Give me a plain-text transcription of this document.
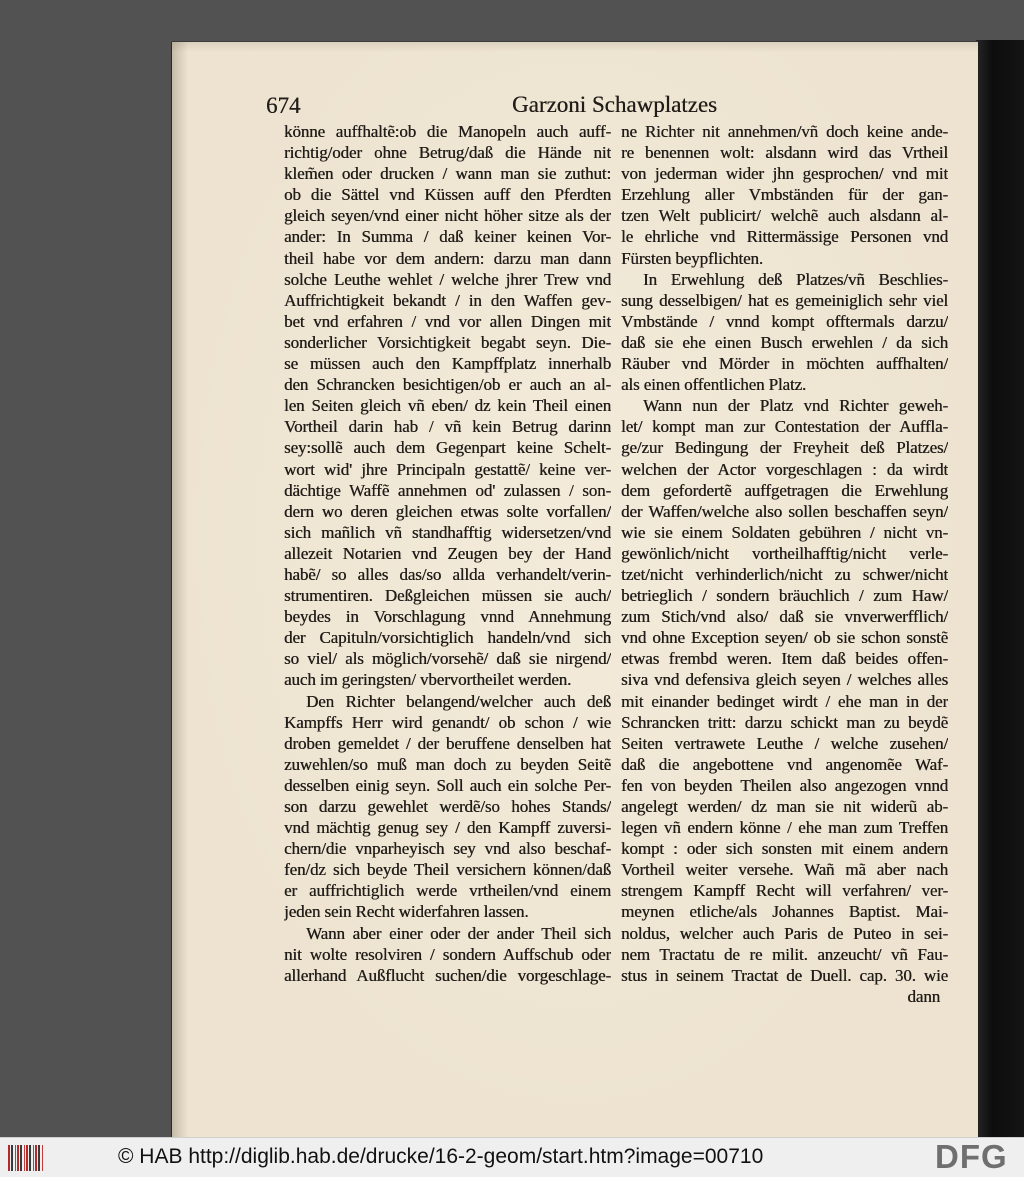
674	Garzoni Schawplatzes
könne auffhaltẽ:ob die Manopeln auch auff-
richtig/oder ohne Betrug/daß die Hände nit
klem̃en oder drucken / wann man sie zuthut:
ob die Sättel vnd Küssen auff den Pferdten
gleich seyen/vnd einer nicht höher sitze als der
ander: In Summa / daß keiner keinen Vor-
theil habe vor dem andern: darzu man dann
solche Leuthe wehlet / welche jhrer Trew vnd
Auffrichtigkeit bekandt / in den Waffen gev-
bet vnd erfahren / vnd vor allen Dingen mit
sonderlicher Vorsichtigkeit begabt seyn. Die-
se müssen auch den Kampffplatz innerhalb
den Schrancken besichtigen/ob er auch an al-
len Seiten gleich vñ eben/ dz kein Theil einen
Vortheil darin hab / vñ kein Betrug darinn
sey:sollẽ auch dem Gegenpart keine Schelt-
wort wid' jhre Principaln gestattẽ/ keine ver-
dächtige Waffẽ annehmen od' zulassen / son-
dern wo deren gleichen etwas solte vorfallen/
sich mañlich vñ standhafftig widersetzen/vnd
allezeit Notarien vnd Zeugen bey der Hand
habẽ/ so alles das/so allda verhandelt/verin-
strumentiren. Deßgleichen müssen sie auch/
beydes in Vorschlagung vnnd Annehmung
der Capituln/vorsichtiglich handeln/vnd sich
so viel/ als möglich/vorsehẽ/ daß sie nirgend/
auch im geringsten/ vbervortheilet werden.
Den Richter belangend/welcher auch deß
Kampffs Herr wird genandt/ ob schon / wie
droben gemeldet / der beruffene denselben hat
zuwehlen/so muß man doch zu beyden Seitẽ
desselben einig seyn. Soll auch ein solche Per-
son darzu gewehlet werdẽ/so hohes Stands/
vnd mächtig genug sey / den Kampff zuversi-
chern/die vnparheyisch sey vnd also beschaf-
fen/dz sich beyde Theil versichern können/daß
er auffrichtiglich werde vrtheilen/vnd einem
jeden sein Recht widerfahren lassen.
Wann aber einer oder der ander Theil sich
nit wolte resolviren / sondern Auffschub oder
allerhand Außflucht suchen/die vorgeschlage-
ne Richter nit annehmen/vñ doch keine ande-
re benennen wolt: alsdann wird das Vrtheil
von jederman wider jhn gesprochen/ vnd mit
Erzehlung aller Vmbständen für der gan-
tzen Welt publicirt/ welchẽ auch alsdann al-
le ehrliche vnd Rittermässige Personen vnd
Fürsten beypflichten.
In Erwehlung deß Platzes/vñ Beschlies-
sung desselbigen/ hat es gemeiniglich sehr viel
Vmbstände / vnnd kompt offtermals darzu/
daß sie ehe einen Busch erwehlen / da sich
Räuber vnd Mörder in möchten auffhalten/
als einen offentlichen Platz.
Wann nun der Platz vnd Richter geweh-
let/ kompt man zur Contestation der Auffla-
ge/zur Bedingung der Freyheit deß Platzes/
welchen der Actor vorgeschlagen : da wirdt
dem gefordertẽ auffgetragen die Erwehlung
der Waffen/welche also sollen beschaffen seyn/
wie sie einem Soldaten gebühren / nicht vn-
gewönlich/nicht vortheilhafftig/nicht verle-
tzet/nicht verhinderlich/nicht zu schwer/nicht
betrieglich / sondern bräuchlich / zum Haw/
zum Stich/vnd also/ daß sie vnverwerfflich/
vnd ohne Exception seyen/ ob sie schon sonstẽ
etwas frembd weren. Item daß beides offen-
siva vnd defensiva gleich seyen / welches alles
mit einander bedinget wirdt / ehe man in der
Schrancken tritt: darzu schickt man zu beydẽ
Seiten vertrawete Leuthe / welche zusehen/
daß die angebottene vnd angenomẽe Waf-
fen von beyden Theilen also angezogen vnnd
angelegt werden/ dz man sie nit widerũ ab-
legen vñ endern könne / ehe man zum Treffen
kompt : oder sich sonsten mit einem andern
Vortheil weiter versehe. Wañ mã aber nach
strengem Kampff Recht will verfahren/ ver-
meynen etliche/als Johannes Baptist. Mai-
noldus, welcher auch Paris de Puteo in sei-
nem Tractatu de re milit. anzeucht/ vñ Fau-
stus in seinem Tractat de Duell. cap. 30. wie
dann
© HAB http://diglib.hab.de/drucke/16-2-geom/start.htm?image=00710	DFG
